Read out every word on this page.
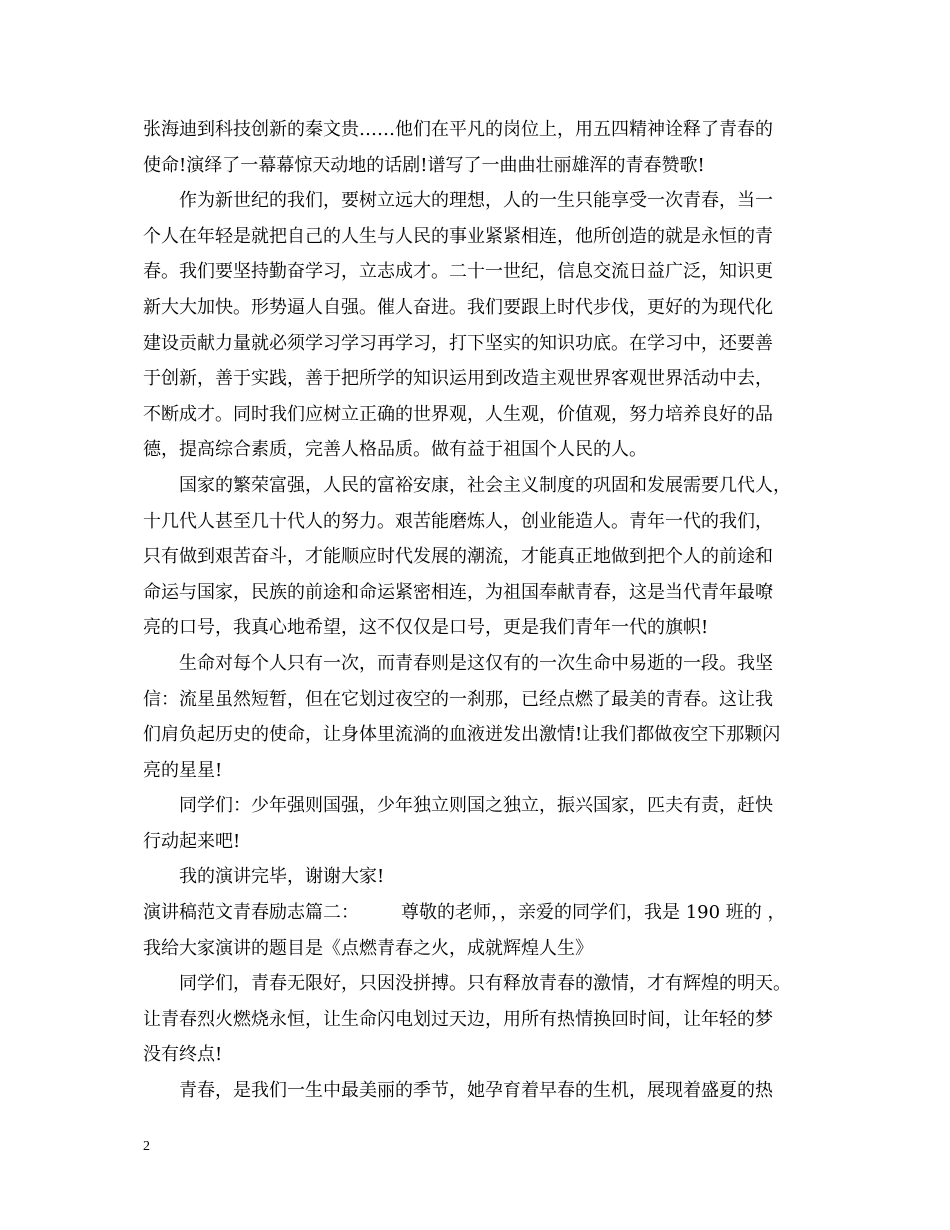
张海迪到科技创新的秦文贵……他们在平凡的岗位上，用五四精神诠释了青春的
使命!演绎了一幕幕惊天动地的话剧!谱写了一曲曲壮丽雄浑的青春赞歌!
作为新世纪的我们，要树立远大的理想，人的一生只能享受一次青春，当一
个人在年轻是就把自己的人生与人民的事业紧紧相连，他所创造的就是永恒的青
春。我们要坚持勤奋学习，立志成才。二十一世纪，信息交流日益广泛，知识更
新大大加快。形势逼人自强。催人奋进。我们要跟上时代步伐，更好的为现代化
建设贡献力量就必须学习学习再学习，打下坚实的知识功底。在学习中，还要善
于创新，善于实践，善于把所学的知识运用到改造主观世界客观世界活动中去，
不断成才。同时我们应树立正确的世界观，人生观，价值观，努力培养良好的品
德，提高综合素质，完善人格品质。做有益于祖国个人民的人。
国家的繁荣富强，人民的富裕安康，社会主义制度的巩固和发展需要几代人，
十几代人甚至几十代人的努力。艰苦能磨炼人，创业能造人。青年一代的我们，
只有做到艰苦奋斗，才能顺应时代发展的潮流，才能真正地做到把个人的前途和
命运与国家，民族的前途和命运紧密相连，为祖国奉献青春，这是当代青年最嘹
亮的口号，我真心地希望，这不仅仅是口号，更是我们青年一代的旗帜!
生命对每个人只有一次，而青春则是这仅有的一次生命中易逝的一段。我坚
信：流星虽然短暂，但在它划过夜空的一刹那，已经点燃了最美的青春。这让我
们肩负起历史的使命，让身体里流淌的血液迸发出激情!让我们都做夜空下那颗闪
亮的星星!
同学们：少年强则国强，少年独立则国之独立，振兴国家，匹夫有责，赶快
行动起来吧!
我的演讲完毕，谢谢大家!
演讲稿范文青春励志篇二： 尊敬的老师，，亲爱的同学们，我是 190 班的 ，
我给大家演讲的题目是《点燃青春之火，成就辉煌人生》
同学们，青春无限好，只因没拼搏。只有释放青春的激情，才有辉煌的明天。
让青春烈火燃烧永恒，让生命闪电划过天边，用所有热情换回时间，让年轻的梦
没有终点!
青春，是我们一生中最美丽的季节，她孕育着早春的生机，展现着盛夏的热
2
